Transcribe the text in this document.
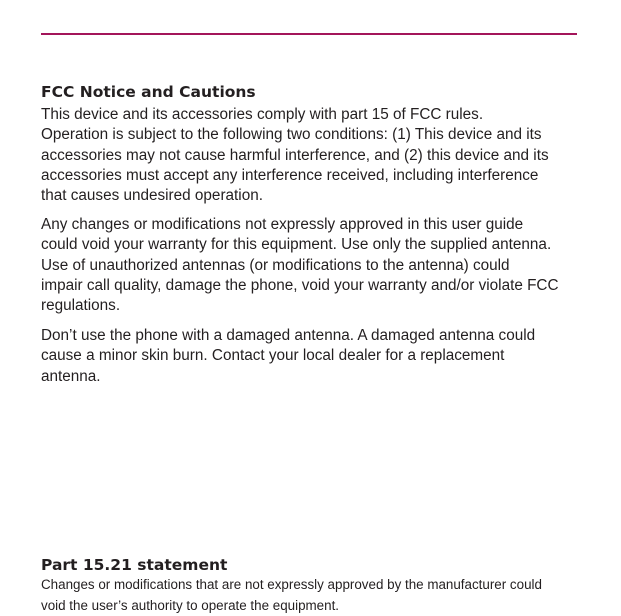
FCC Notice and Cautions

This device and its accessories comply with part 15 of FCC rules.
Operation is subject to the following two conditions: (1) This device and its
accessories may not cause harmful interference, and (2) this device and its
accessories must accept any interference received, including interference
that causes undesired operation.

Any changes or modifications not expressly approved in this user guide
could void your warranty for this equipment. Use only the supplied antenna.
Use of unauthorized antennas (or modifications to the antenna) could
impair call quality, damage the phone, void your warranty and/or violate FCC
regulations.

Don’t use the phone with a damaged antenna. A damaged antenna could
cause a minor skin burn. Contact your local dealer for a replacement
antenna.

Part 15.21 statement

Changes or modifications that are not expressly approved by the manufacturer could
void the user’s authority to operate the equipment.
